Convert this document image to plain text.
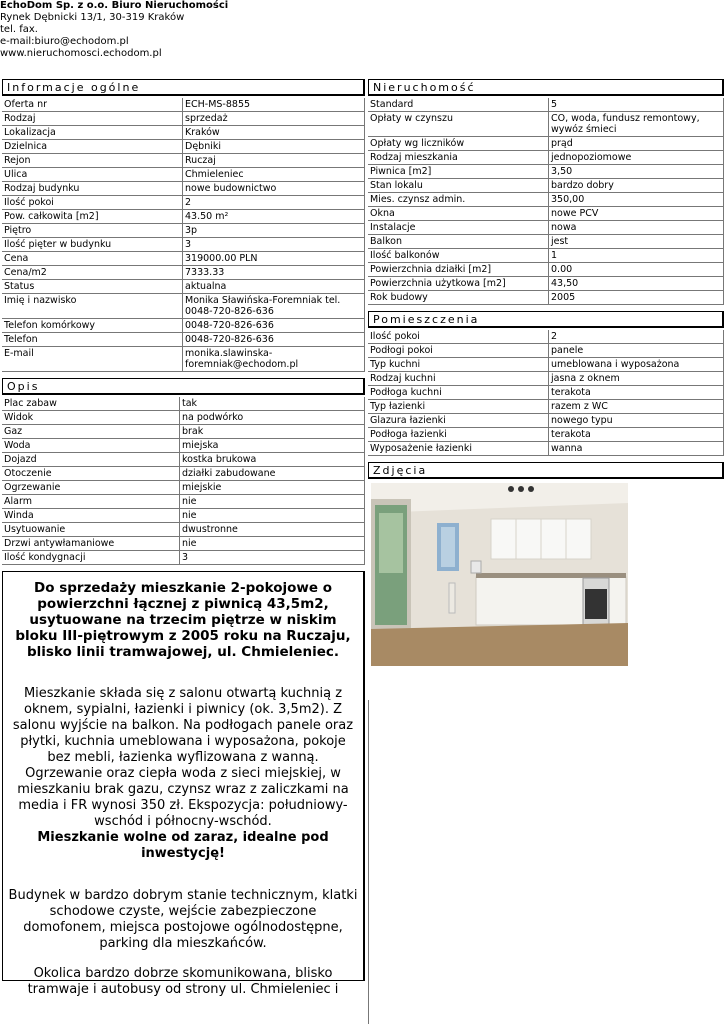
EchoDom Sp. z o.o. Biuro Nieruchomości
Rynek Dębnicki 13/1, 30-319 Kraków
tel. fax.
e-mail:biuro@echodom.pl
www.nieruchomosci.echodom.pl
Informacje ogólne
Oferta nr	ECH-MS-8855
Rodzaj	sprzedaż
Lokalizacja	Kraków
Dzielnica	Dębniki
Rejon	Ruczaj
Ulica	Chmieleniec
Rodzaj budynku	nowe budownictwo
Ilość pokoi	2
Pow. całkowita [m2]	43.50 m²
Piętro	3p
Ilość pięter w budynku	3
Cena	319000.00 PLN
Cena/m2	7333.33
Status	aktualna
Imię i nazwisko	Monika Sławińska-Foremniak tel. 0048-720-826-636
Telefon komórkowy	0048-720-826-636
Telefon	0048-720-826-636
E-mail	monika.slawinska-foremniak@echodom.pl
Opis
Plac zabaw	tak
Widok	na podwórko
Gaz	brak
Woda	miejska
Dojazd	kostka brukowa
Otoczenie	działki zabudowane
Ogrzewanie	miejskie
Alarm	nie
Winda	nie
Usytuowanie	dwustronne
Drzwi antywłamaniowe	nie
Ilość kondygnacji	3

Do sprzedaży mieszkanie 2-pokojowe o powierzchni łącznej z piwnicą 43,5m2, usytuowane na trzecim piętrze w niskim bloku III-piętrowym z 2005 roku na Ruczaju, blisko linii tramwajowej, ul. Chmieleniec.

Mieszkanie składa się z salonu otwartą kuchnią z oknem, sypialni, łazienki i piwnicy (ok. 3,5m2). Z salonu wyjście na balkon. Na podłogach panele oraz płytki, kuchnia umeblowana i wyposażona, pokoje bez mebli, łazienka wyflizowana z wanną. Ogrzewanie oraz ciepła woda z sieci miejskiej, w mieszkaniu brak gazu, czynsz wraz z zaliczkami na media i FR wynosi 350 zł. Ekspozycja: południowy-wschód i północny-wschód.
Mieszkanie wolne od zaraz, idealne pod inwestycję!

Budynek w bardzo dobrym stanie technicznym, klatki schodowe czyste, wejście zabezpieczone domofonem, miejsca postojowe ogólnodostępne, parking dla mieszkańców.

Okolica bardzo dobrze skomunikowana, blisko tramwaje i autobusy od strony ul. Chmieleniec i

Nieruchomość
Standard	5
Opłaty w czynszu	CO, woda, fundusz remontowy, wywóz śmieci
Opłaty wg liczników	prąd
Rodzaj mieszkania	jednopoziomowe
Piwnica [m2]	3,50
Stan lokalu	bardzo dobry
Mies. czynsz admin.	350,00
Okna	nowe PCV
Instalacje	nowa
Balkon	jest
Ilość balkonów	1
Powierzchnia działki [m2]	0.00
Powierzchnia użytkowa [m2]	43,50
Rok budowy	2005
Pomieszczenia
Ilość pokoi	2
Podłogi pokoi	panele
Typ kuchni	umeblowana i wyposażona
Rodzaj kuchni	jasna z oknem
Podłoga kuchni	terakota
Typ łazienki	razem z WC
Glazura łazienki	nowego typu
Podłoga łazienki	terakota
Wyposażenie łazienki	wanna
Zdjęcia
